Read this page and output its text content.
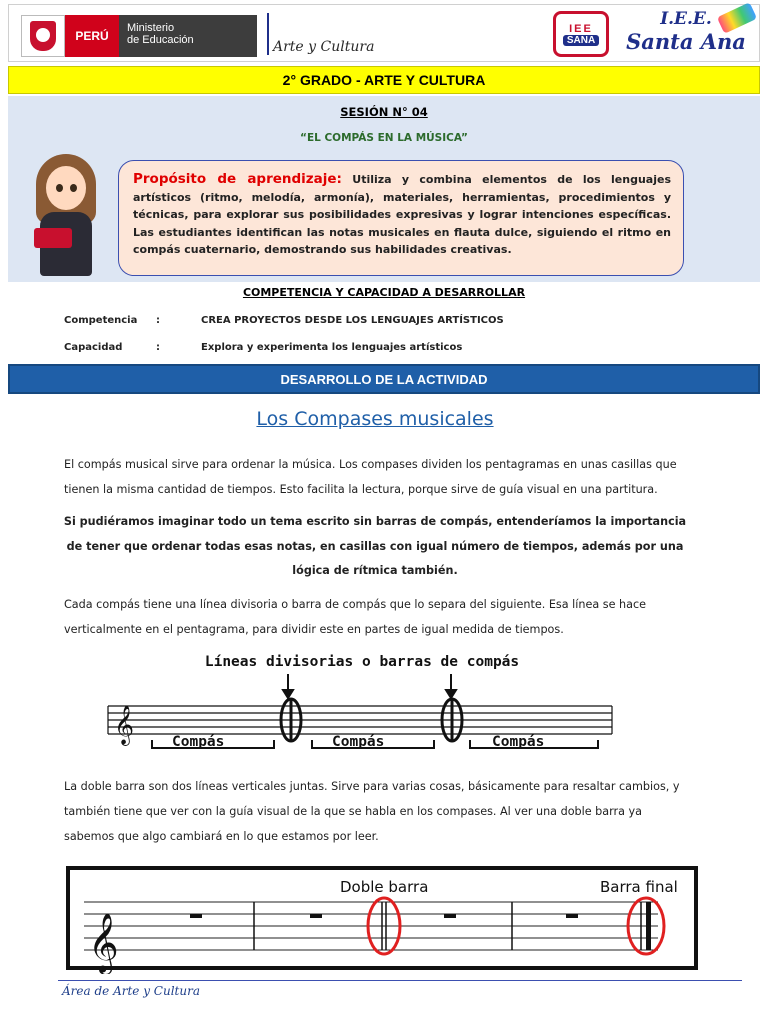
PERÚ
Ministerio
de Educación	Arte y Cultura
IEE
SANA
I.E.E.
Santa Ana
2° GRADO - ARTE Y CULTURA
SESIÓN N° 04
“EL COMPÁS EN LA MÚSICA”
Propósito de aprendizaje: Utiliza y combina elementos de los lenguajes artísticos (ritmo, melodía, armonía), materiales, herramientas, procedimientos y técnicas, para explorar sus posibilidades expresivas y lograr intenciones específicas. Las estudiantes identifican las notas musicales en flauta dulce, siguiendo el ritmo en compás cuaternario, demostrando sus habilidades creativas.
COMPETENCIA Y CAPACIDAD A DESARROLLAR
Competencia	:	CREA PROYECTOS DESDE LOS LENGUAJES ARTÍSTICOS
Capacidad	:	Explora y experimenta los lenguajes artísticos
DESARROLLO DE LA ACTIVIDAD
Los Compases musicales
El compás musical sirve para ordenar la música. Los compases dividen los pentagramas en unas casillas que tienen la misma cantidad de tiempos. Esto facilita la lectura, porque sirve de guía visual en una partitura.
Si pudiéramos imaginar todo un tema escrito sin barras de compás, entenderíamos la importancia de tener que ordenar todas esas notas, en casillas con igual número de tiempos, además por una lógica de rítmica también.
Cada compás tiene una línea divisoria o barra de compás que lo separa del siguiente. Esa línea se hace verticalmente en el pentagrama, para dividir este en partes de igual medida de tiempos.
Líneas divisorias o barras de compás
𝄞	Compás	Compás	Compás
La doble barra son dos líneas verticales juntas. Sirve para varias cosas, básicamente para resaltar cambios, y también tiene que ver con la guía visual de la que se habla en los compases. Al ver una doble barra ya sabemos que algo cambiará en lo que estamos por leer.
𝄞
Doble barra	Barra final
Área de Arte y Cultura
